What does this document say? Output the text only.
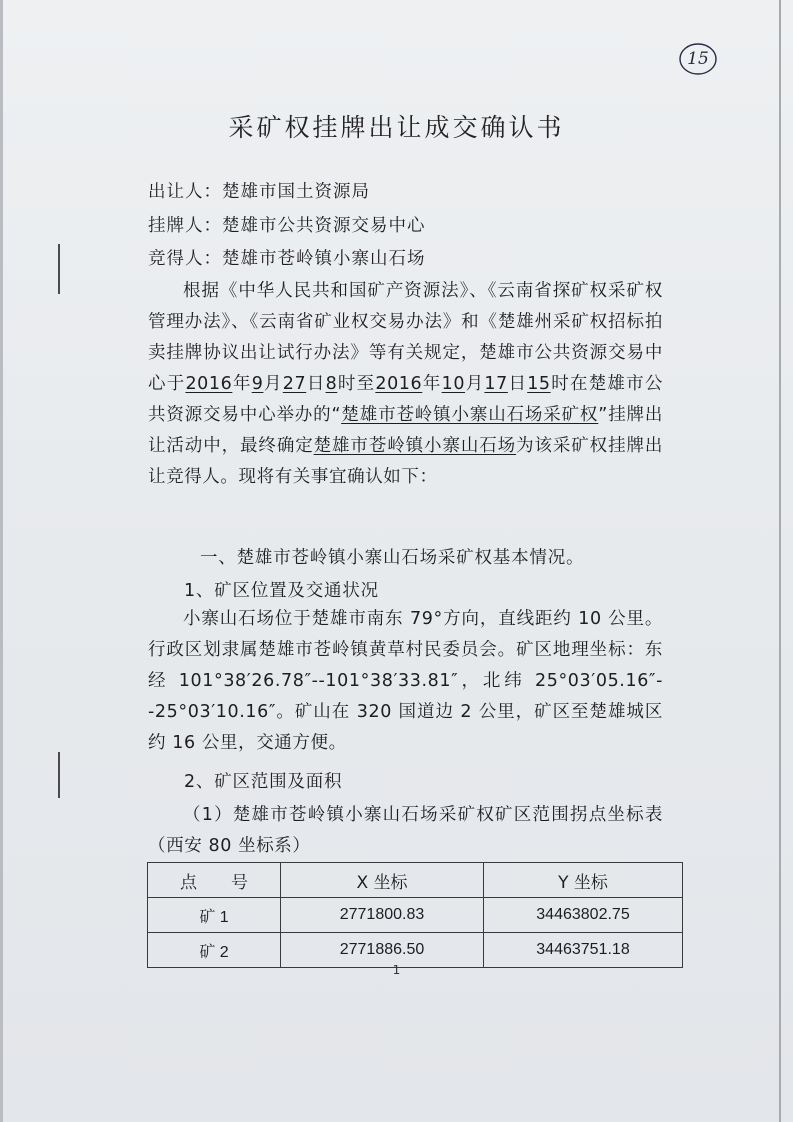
15
采矿权挂牌出让成交确认书
出让人：楚雄市国土资源局
挂牌人：楚雄市公共资源交易中心
竞得人：楚雄市苍岭镇小寨山石场
根据《中华人民共和国矿产资源法》、《云南省探矿权采矿权管理办法》、《云南省矿业权交易办法》和《楚雄州采矿权招标拍卖挂牌协议出让试行办法》等有关规定，楚雄市公共资源交易中心于2016年9月27日8时至2016年10月17日15时在楚雄市公共资源交易中心举办的“楚雄市苍岭镇小寨山石场采矿权”挂牌出让活动中，最终确定楚雄市苍岭镇小寨山石场为该采矿权挂牌出让竞得人。现将有关事宜确认如下：
一、楚雄市苍岭镇小寨山石场采矿权基本情况。
1、矿区位置及交通状况
小寨山石场位于楚雄市南东 79°方向，直线距约 10 公里。行政区划隶属楚雄市苍岭镇黄草村民委员会。矿区地理坐标：东经 101°38′26.78″--101°38′33.81″，北纬 25°03′05.16″--25°03′10.16″。矿山在 320 国道边 2 公里，矿区至楚雄城区约 16 公里，交通方便。
2、矿区范围及面积
（1）楚雄市苍岭镇小寨山石场采矿权矿区范围拐点坐标表（西安 80 坐标系）
点　　号	X 坐标	Y 坐标
矿 1	2771800.83	34463802.75
矿 2	2771886.50	34463751.18
1
